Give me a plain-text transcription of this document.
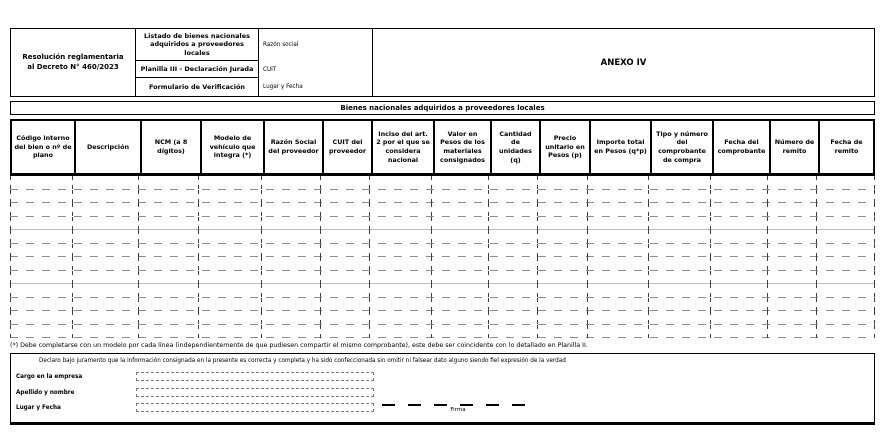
Resolución reglamentaria al Decreto N° 460/2023
Listado de bienes nacionales adquiridos a proveedores locales
Planilla III - Declaración Jurada
Formulario de Verificación
Razón social
CUIT
Lugar y Fecha
ANEXO IV
Bienes nacionales adquiridos a proveedores locales
Código interno del bien o nº de plano
Descripción
NCM (a 8 dígitos)
Modelo de vehículo que integra (*)
Razón Social del proveedor
CUIT del proveedor
Inciso del art. 2 por el que se considera nacional
Valor en Pesos de los materiales consignados
Cantidad de unidades (q)
Precio unitario en Pesos (p)
Importe total en Pesos (q*p)
Tipo y número del comprobante de compra
Fecha del comprobante
Número de remito
Fecha de remito
(*) Debe completarse con un modelo por cada línea (independientemente de que pudiesen compartir el mismo comprobante), este debe ser coincidente con lo detallado en Planilla II.
Declaro bajo juramento que la información consignada en la presente es correcta y completa y ha sido confeccionada sin omitir ni falsear dato alguno siendo fiel expresión de la verdad
Cargo en la empresa
Apellido y nombre
Lugar y Fecha	Firma
